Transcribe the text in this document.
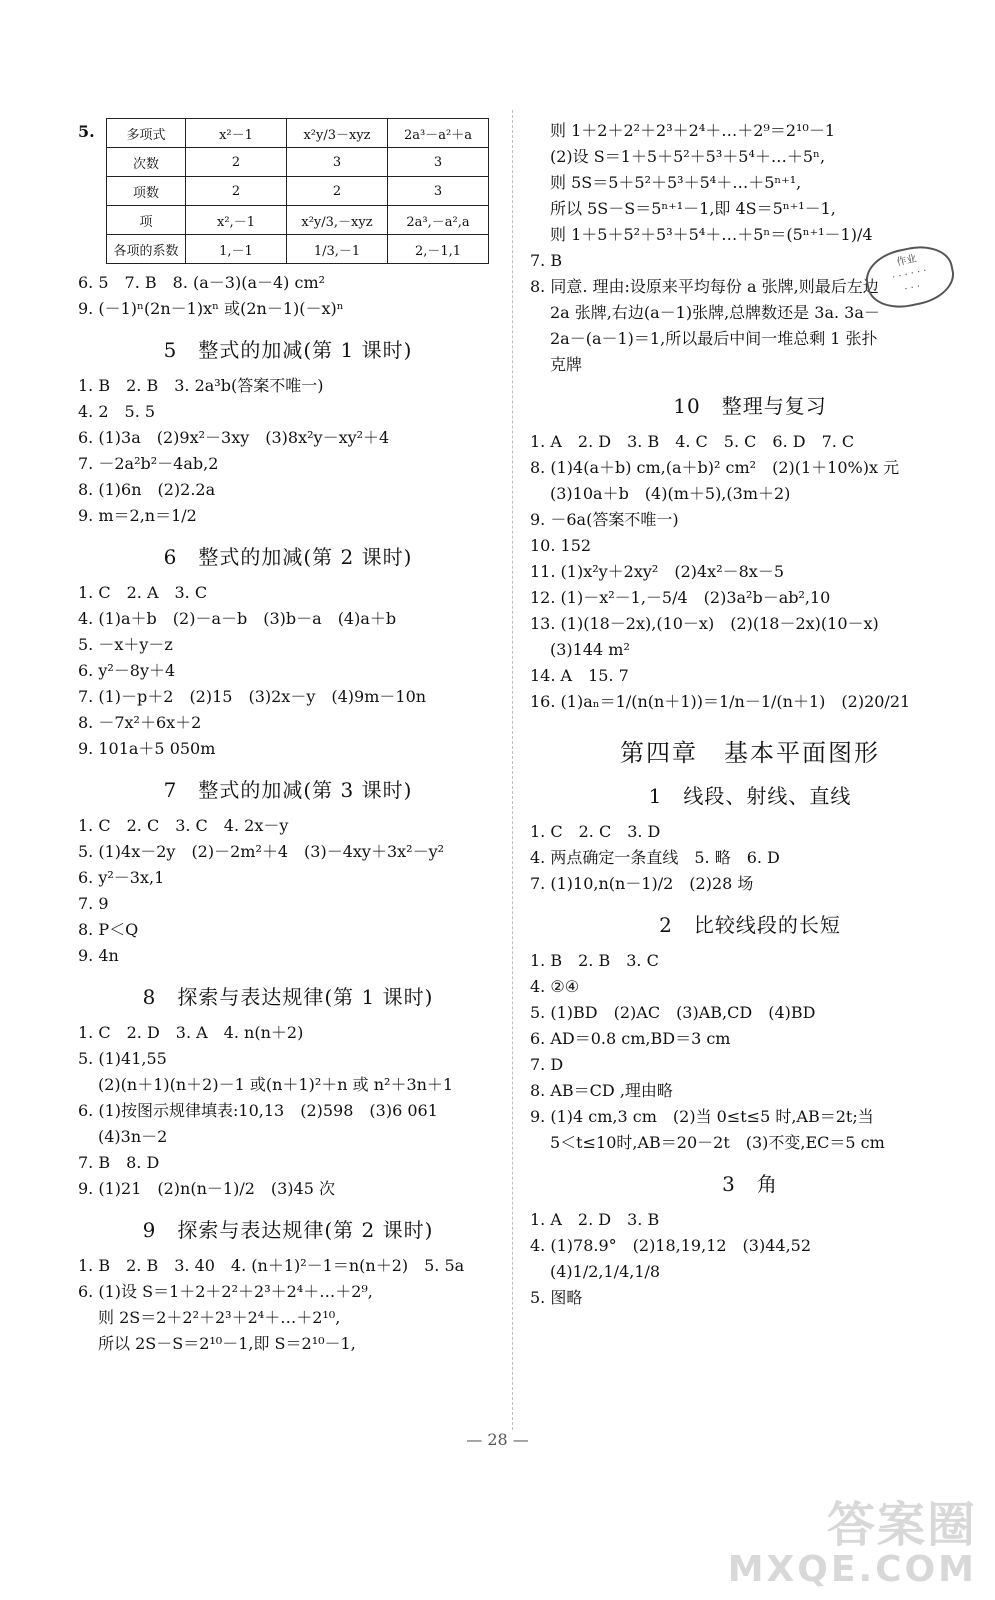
5. 多项式	x²－1	x²y/3－xyz	2a³－a²＋a
次数	2	3	3
项数	2	2	3
项	x²,－1	x²y/3,－xyz	2a³,－a²,a
各项的系数	1,－1	1/3,－1	2,－1,1
6. 5　7. B　8. (a－3)(a－4) cm²
9. (－1)ⁿ(2n－1)xⁿ 或(2n－1)(－x)ⁿ
5　整式的加减(第 1 课时)
1. B　2. B　3. 2a³b(答案不唯一)
4. 2　5. 5
6. (1)3a　(2)9x²－3xy　(3)8x²y－xy²＋4
7. －2a²b²－4ab,2
8. (1)6n　(2)2.2a
9. m＝2,n＝1/2
6　整式的加减(第 2 课时)
1. C　2. A　3. C
4. (1)a＋b　(2)－a－b　(3)b－a　(4)a＋b
5. －x＋y－z
6. y²－8y＋4
7. (1)－p＋2　(2)15　(3)2x－y　(4)9m－10n
8. －7x²＋6x＋2
9. 101a＋5 050m
7　整式的加减(第 3 课时)
1. C　2. C　3. C　4. 2x－y
5. (1)4x－2y　(2)－2m²＋4　(3)－4xy＋3x²－y²
6. y²－3x,1
7. 9
8. P＜Q
9. 4n
8　探索与表达规律(第 1 课时)
1. C　2. D　3. A　4. n(n＋2)
5. (1)41,55
(2)(n＋1)(n＋2)－1 或(n＋1)²＋n 或 n²＋3n＋1
6. (1)按图示规律填表:10,13　(2)598　(3)6 061
(4)3n－2
7. B　8. D
9. (1)21　(2)n(n－1)/2　(3)45 次
9　探索与表达规律(第 2 课时)
1. B　2. B　3. 40　4. (n＋1)²－1＝n(n＋2)　5. 5a
6. (1)设 S＝1＋2＋2²＋2³＋2⁴＋…＋2⁹,
则 2S＝2＋2²＋2³＋2⁴＋…＋2¹⁰,
所以 2S－S＝2¹⁰－1,即 S＝2¹⁰－1,
则 1＋2＋2²＋2³＋2⁴＋…＋2⁹＝2¹⁰－1
(2)设 S＝1＋5＋5²＋5³＋5⁴＋…＋5ⁿ,
则 5S＝5＋5²＋5³＋5⁴＋…＋5ⁿ⁺¹,
所以 5S－S＝5ⁿ⁺¹－1,即 4S＝5ⁿ⁺¹－1,
则 1＋5＋5²＋5³＋5⁴＋…＋5ⁿ＝(5ⁿ⁺¹－1)/4
7. B
8. 同意. 理由:设原来平均每份 a 张牌,则最后左边
2a 张牌,右边(a－1)张牌,总牌数还是 3a. 3a－
2a－(a－1)＝1,所以最后中间一堆总剩 1 张扑
克牌
10　整理与复习
1. A　2. D　3. B　4. C　5. C　6. D　7. C
8. (1)4(a＋b) cm,(a＋b)² cm²　(2)(1＋10%)x 元
(3)10a＋b　(4)(m＋5),(3m＋2)
9. －6a(答案不唯一)
10. 152
11. (1)x²y＋2xy²　(2)4x²－8x－5
12. (1)－x²－1,－5/4　(2)3a²b－ab²,10
13. (1)(18－2x),(10－x)　(2)(18－2x)(10－x)
(3)144 m²
14. A　15. 7
16. (1)aₙ＝1/(n(n＋1))＝1/n－1/(n＋1)　(2)20/21
第四章　基本平面图形
1　线段、射线、直线
1. C　2. C　3. D
4. 两点确定一条直线　5. 略　6. D
7. (1)10,n(n－1)/2　(2)28 场
2　比较线段的长短
1. B　2. B　3. C
4. ②④
5. (1)BD　(2)AC　(3)AB,CD　(4)BD
6. AD＝0.8 cm,BD＝3 cm
7. D
8. AB＝CD ,理由略
9. (1)4 cm,3 cm　(2)当 0≤t≤5 时,AB＝2t;当
5＜t≤10时,AB＝20－2t　(3)不变,EC＝5 cm
3　角
1. A　2. D　3. B
4. (1)78.9°　(2)18,19,12　(3)44,52
(4)1/2,1/4,1/8
5. 图略
作业
· · · · · ·
· · ·
— 28 —
答案圈
MXQE.COM
